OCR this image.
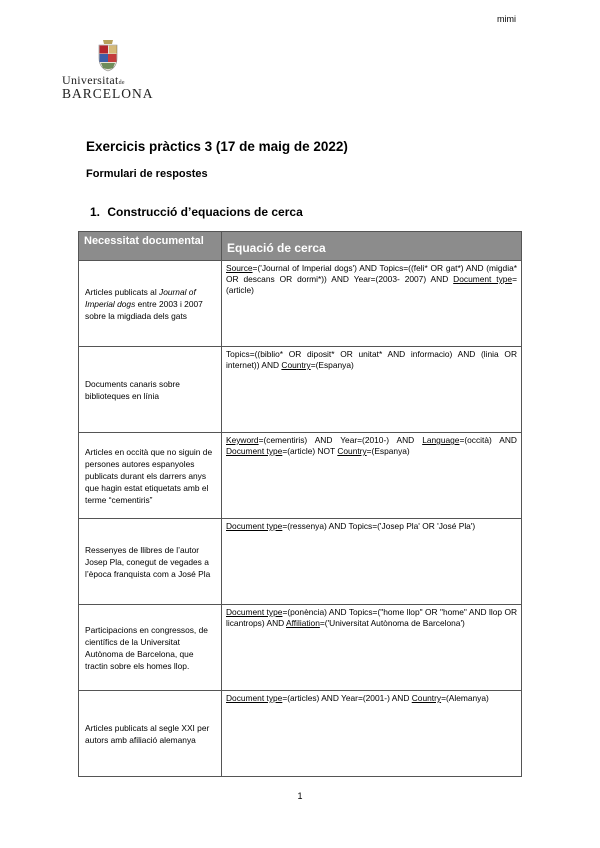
mimi
Universitatde
BARCELONA
Exercicis pràctics 3 (17 de maig de 2022)
Formulari de respostes
1. Construcció d’equacions de cerca
Necessitat documental	Equació de cerca
Articles publicats al Journal of Imperial dogs entre 2003 i 2007 sobre la migdiada dels gats	Source=('Journal of Imperial dogs') AND Topics=((feli* OR gat*) AND (migdia* OR descans OR dormi*)) AND Year=(2003- 2007) AND Document type=(article)
Documents canaris sobre biblioteques en línia	Topics=((biblio* OR diposit* OR unitat* AND informacio) AND (linia OR internet)) AND Country=(Espanya)
Articles en occità que no siguin de persones autores espanyoles publicats durant els darrers anys que hagin estat etiquetats amb el terme “cementiris”	Keyword=(cementiris) AND Year=(2010-) AND Language=(occità) AND Document type=(article) NOT Country=(Espanya)
Ressenyes de llibres de l’autor Josep Pla, conegut de vegades a l’època franquista com a José Pla	Document type=(ressenya) AND Topics=('Josep Pla' OR 'José Pla')
Participacions en congressos, de científics de la Universitat Autònoma de Barcelona, que tractin sobre els homes llop.	Document type=(ponència) AND Topics=("home llop" OR "home" AND llop OR licantrops) AND Affiliation=('Universitat Autònoma de Barcelona')
Articles publicats al segle XXI per autors amb afiliació alemanya	Document type=(articles) AND Year=(2001-) AND Country=(Alemanya)
1
